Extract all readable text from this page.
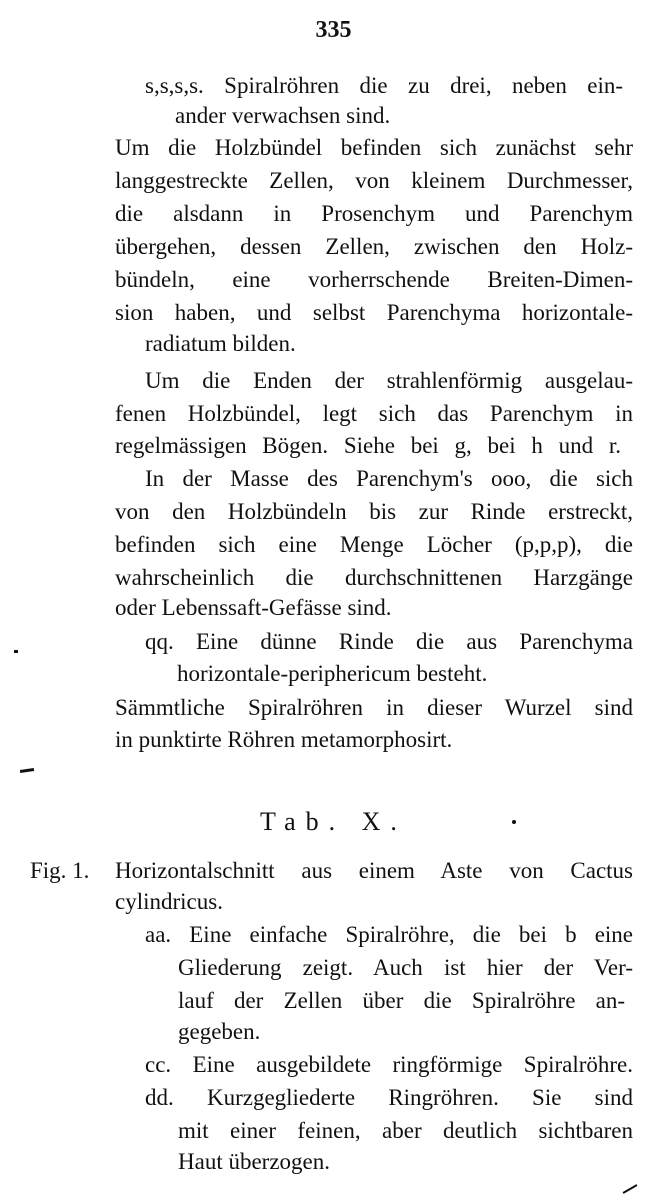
335
s,s,s,s. Spiralröhren die zu drei, neben ein-
ander verwachsen sind.
Um die Holzbündel befinden sich zunächst sehr
langgestreckte Zellen, von kleinem Durchmesser,
die alsdann in Prosenchym und Parenchym
übergehen, dessen Zellen, zwischen den Holz-
bündeln, eine vorherrschende Breiten-Dimen-
sion haben, und selbst Parenchyma horizontale-
radiatum bilden.
Um die Enden der strahlenförmig ausgelau-
fenen Holzbündel, legt sich das Parenchym in
regelmässigen Bögen. Siehe bei g, bei h und r.
In der Masse des Parenchym's ooo, die sich
von den Holzbündeln bis zur Rinde erstreckt,
befinden sich eine Menge Löcher (p,p,p), die
wahrscheinlich die durchschnittenen Harzgänge
oder Lebenssaft-Gefässe sind.
qq. Eine dünne Rinde die aus Parenchyma
horizontale-periphericum besteht.
Sämmtliche Spiralröhren in dieser Wurzel sind
in punktirte Röhren metamorphosirt.
Tab. X.
Fig. 1. Horizontalschnitt aus einem Aste von Cactus
cylindricus.
aa. Eine einfache Spiralröhre, die bei b eine
Gliederung zeigt. Auch ist hier der Ver-
lauf der Zellen über die Spiralröhre an-
gegeben.
cc. Eine ausgebildete ringförmige Spiralröhre.
dd. Kurzgegliederte Ringröhren. Sie sind
mit einer feinen, aber deutlich sichtbaren
Haut überzogen.
